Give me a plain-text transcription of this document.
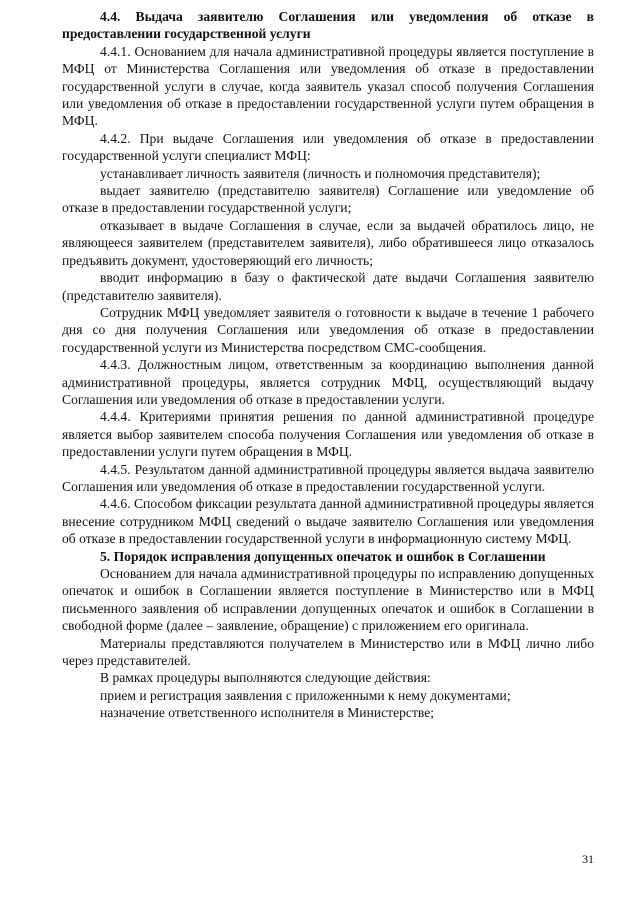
4.4. Выдача заявителю Соглашения или уведомления об отказе в предоставлении государственной услуги

4.4.1. Основанием для начала административной процедуры является поступление в МФЦ от Министерства Соглашения или уведомления об отказе в предоставлении государственной услуги в случае, когда заявитель указал способ получения Соглашения или уведомления об отказе в предоставлении государственной услуги путем обращения в МФЦ.

4.4.2. При выдаче Соглашения или уведомления об отказе в предоставлении государственной услуги специалист МФЦ:

устанавливает личность заявителя (личность и полномочия представителя);

выдает заявителю (представителю заявителя) Соглашение или уведомление об отказе в предоставлении государственной услуги;

отказывает в выдаче Соглашения в случае, если за выдачей обратилось лицо, не являющееся заявителем (представителем заявителя), либо обратившееся лицо отказалось предъявить документ, удостоверяющий его личность;

вводит информацию в базу о фактической дате выдачи Соглашения заявителю (представителю заявителя).

Сотрудник МФЦ уведомляет заявителя о готовности к выдаче в течение 1 рабочего дня со дня получения Соглашения или уведомления об отказе в предоставлении государственной услуги из Министерства посредством СМС-сообщения.

4.4.3. Должностным лицом, ответственным за координацию выполнения данной административной процедуры, является сотрудник МФЦ, осуществляющий выдачу Соглашения или уведомления об отказе в предоставлении услуги.

4.4.4. Критериями принятия решения по данной административной процедуре является выбор заявителем способа получения Соглашения или уведомления об отказе в предоставлении услуги путем обращения в МФЦ.

4.4.5. Результатом данной административной процедуры является выдача заявителю Соглашения или уведомления об отказе в предоставлении государственной услуги.

4.4.6. Способом фиксации результата данной административной процедуры является внесение сотрудником МФЦ сведений о выдаче заявителю Соглашения или уведомления об отказе в предоставлении государственной услуги в информационную систему МФЦ.

5. Порядок исправления допущенных опечаток и ошибок в Соглашении

Основанием для начала административной процедуры по исправлению допущенных опечаток и ошибок в Соглашении является поступление в Министерство или в МФЦ письменного заявления об исправлении допущенных опечаток и ошибок в Соглашении в свободной форме (далее – заявление, обращение) с приложением его оригинала.

Материалы представляются получателем в Министерство или в МФЦ лично либо через представителей.

В рамках процедуры выполняются следующие действия:

прием и регистрация заявления с приложенными к нему документами;

назначение ответственного исполнителя в Министерстве;

31
